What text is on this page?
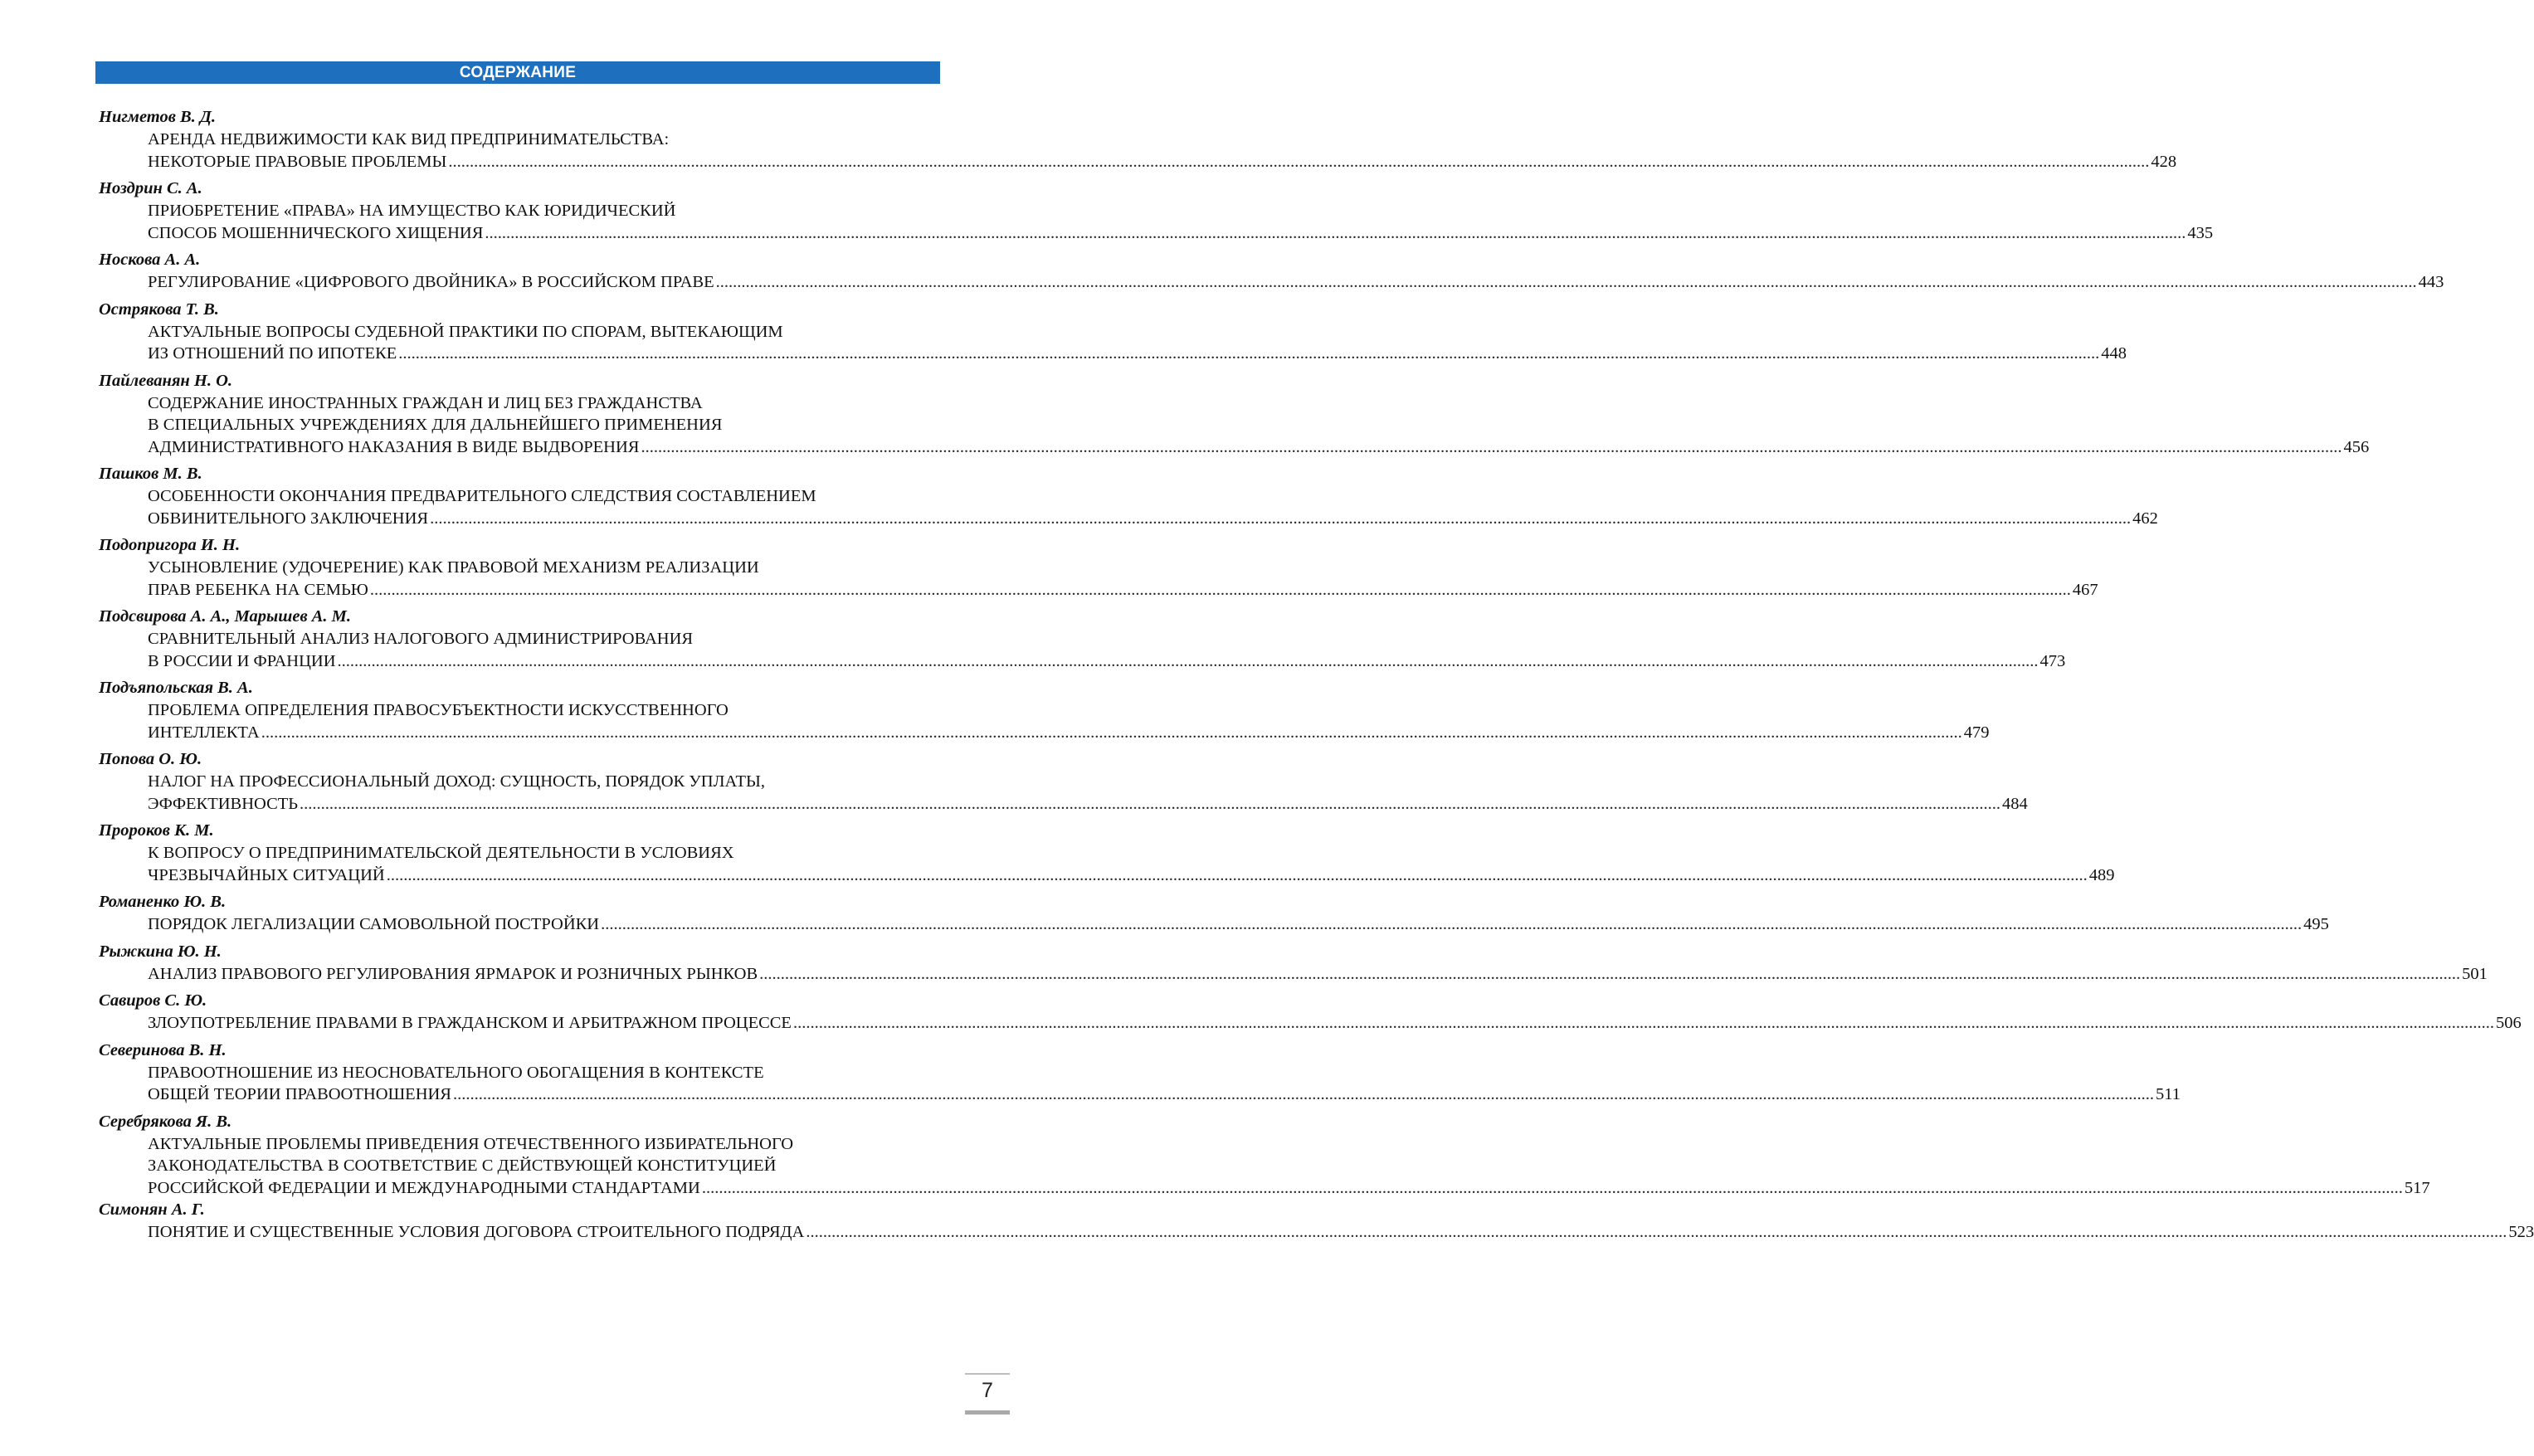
СОДЕРЖАНИЕ
Нигметов В. Д.
АРЕНДА НЕДВИЖИМОСТИ КАК ВИД ПРЕДПРИНИМАТЕЛЬСТВА:
НЕКОТОРЫЕ ПРАВОВЫЕ ПРОБЛЕМЫ ................................................................................................................................................................................................................................................................................................................................................................................................................ 428
Ноздрин С. А.
ПРИОБРЕТЕНИЕ «ПРАВА» НА ИМУЩЕСТВО КАК ЮРИДИЧЕСКИЙ
СПОСОБ МОШЕННИЧЕСКОГО ХИЩЕНИЯ ................................................................................................................................................................................................................................................................................................................................................................................................................ 435
Носкова А. А.
РЕГУЛИРОВАНИЕ «ЦИФРОВОГО ДВОЙНИКА» В РОССИЙСКОМ ПРАВЕ ................................................................................................................................................................................................................................................................................................................................................................................................................ 443
Острякова Т. В.
АКТУАЛЬНЫЕ ВОПРОСЫ СУДЕБНОЙ ПРАКТИКИ ПО СПОРАМ, ВЫТЕКАЮЩИМ
ИЗ ОТНОШЕНИЙ ПО ИПОТЕКЕ ................................................................................................................................................................................................................................................................................................................................................................................................................ 448
Пайлеванян Н. О.
СОДЕРЖАНИЕ ИНОСТРАННЫХ ГРАЖДАН И ЛИЦ БЕЗ ГРАЖДАНСТВА
В СПЕЦИАЛЬНЫХ УЧРЕЖДЕНИЯХ ДЛЯ ДАЛЬНЕЙШЕГО ПРИМЕНЕНИЯ
АДМИНИСТРАТИВНОГО НАКАЗАНИЯ В ВИДЕ ВЫДВОРЕНИЯ ................................................................................................................................................................................................................................................................................................................................................................................................................ 456
Пашков М. В.
ОСОБЕННОСТИ ОКОНЧАНИЯ ПРЕДВАРИТЕЛЬНОГО СЛЕДСТВИЯ СОСТАВЛЕНИЕМ
ОБВИНИТЕЛЬНОГО ЗАКЛЮЧЕНИЯ ................................................................................................................................................................................................................................................................................................................................................................................................................ 462
Подопригора И. Н.
УСЫНОВЛЕНИЕ (УДОЧЕРЕНИЕ) КАК ПРАВОВОЙ МЕХАНИЗМ РЕАЛИЗАЦИИ
ПРАВ РЕБЕНКА НА СЕМЬЮ ................................................................................................................................................................................................................................................................................................................................................................................................................ 467
Подсвирова А. А., Марышев А. М.
СРАВНИТЕЛЬНЫЙ АНАЛИЗ НАЛОГОВОГО АДМИНИСТРИРОВАНИЯ
В РОССИИ И ФРАНЦИИ ................................................................................................................................................................................................................................................................................................................................................................................................................ 473
Подъяпольская В. А.
ПРОБЛЕМА ОПРЕДЕЛЕНИЯ ПРАВОСУБЪЕКТНОСТИ ИСКУССТВЕННОГО
ИНТЕЛЛЕКТА ................................................................................................................................................................................................................................................................................................................................................................................................................ 479
Попова О. Ю.
НАЛОГ НА ПРОФЕССИОНАЛЬНЫЙ ДОХОД: СУЩНОСТЬ, ПОРЯДОК УПЛАТЫ,
ЭФФЕКТИВНОСТЬ ................................................................................................................................................................................................................................................................................................................................................................................................................ 484
Пророков К. М.
К ВОПРОСУ О ПРЕДПРИНИМАТЕЛЬСКОЙ ДЕЯТЕЛЬНОСТИ В УСЛОВИЯХ
ЧРЕЗВЫЧАЙНЫХ СИТУАЦИЙ ................................................................................................................................................................................................................................................................................................................................................................................................................ 489
Романенко Ю. В.
ПОРЯДОК ЛЕГАЛИЗАЦИИ САМОВОЛЬНОЙ ПОСТРОЙКИ ................................................................................................................................................................................................................................................................................................................................................................................................................ 495
Рыжкина Ю. Н.
АНАЛИЗ ПРАВОВОГО РЕГУЛИРОВАНИЯ ЯРМАРОК И РОЗНИЧНЫХ РЫНКОВ ................................................................................................................................................................................................................................................................................................................................................................................................................ 501
Савиров С. Ю.
ЗЛОУПОТРЕБЛЕНИЕ ПРАВАМИ В ГРАЖДАНСКОМ И АРБИТРАЖНОМ ПРОЦЕССЕ ................................................................................................................................................................................................................................................................................................................................................................................................................ 506
Северинова В. Н.
ПРАВООТНОШЕНИЕ ИЗ НЕОСНОВАТЕЛЬНОГО ОБОГАЩЕНИЯ В КОНТЕКСТЕ
ОБЩЕЙ ТЕОРИИ ПРАВООТНОШЕНИЯ ................................................................................................................................................................................................................................................................................................................................................................................................................ 511
Серебрякова Я. В.
АКТУАЛЬНЫЕ ПРОБЛЕМЫ ПРИВЕДЕНИЯ ОТЕЧЕСТВЕННОГО ИЗБИРАТЕЛЬНОГО
ЗАКОНОДАТЕЛЬСТВА В СООТВЕТСТВИЕ С ДЕЙСТВУЮЩЕЙ КОНСТИТУЦИЕЙ
РОССИЙСКОЙ ФЕДЕРАЦИИ И МЕЖДУНАРОДНЫМИ СТАНДАРТАМИ ................................................................................................................................................................................................................................................................................................................................................................................................................ 517
Симонян А. Г.
ПОНЯТИЕ И СУЩЕСТВЕННЫЕ УСЛОВИЯ ДОГОВОРА СТРОИТЕЛЬНОГО ПОДРЯДА ................................................................................................................................................................................................................................................................................................................................................................................................................ 523
7
